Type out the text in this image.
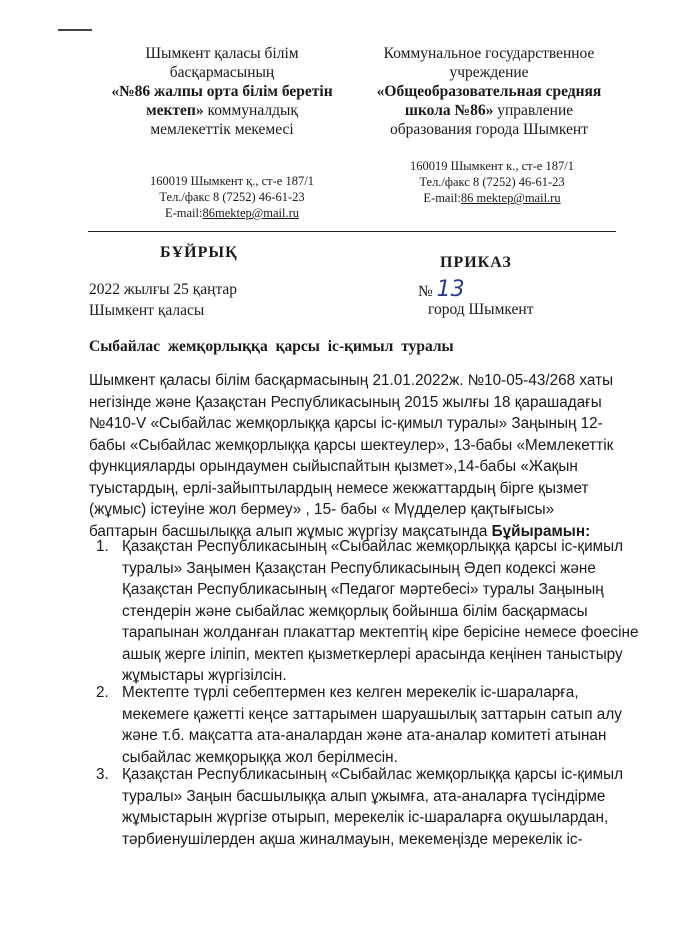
Шымкент қаласы білім
басқармасының
«№86 жалпы орта білім беретін
мектеп» коммуналдық
мемлекеттік мекемесі
Коммунальное государственное
учреждение
«Общеобразовательная средняя
школа №86» управление
образования города Шымкент
160019 Шымкент қ., ст-е 187/1
Тел./факс 8 (7252) 46-61-23
E-mail:86mektep@mail.ru
160019 Шымкент к., ст-е 187/1
Тел./факс 8 (7252) 46-61-23
E-mail:86 mektep@mail.ru
БҰЙРЫҚ
ПРИКАЗ
2022 жылғы 25 қаңтар
Шымкент қаласы
№ 13
город Шымкент
Сыбайлас жемқорлыққа қарсы іс-қимыл туралы
Шымкент қаласы білім басқармасының 21.01.2022ж. №10-05-43/268 хаты негізінде және Қазақстан Республикасының 2015 жылғы 18 қарашадағы №410-V «Сыбайлас жемқорлыққа қарсы іс-қимыл туралы» Заңының 12-бабы «Сыбайлас жемқорлыққа қарсы шектеулер», 13-бабы «Мемлекеттік функцияларды орындаумен сыйыспайтын қызмет»,14-бабы «Жақын туыстардың, ерлі-зайыптылардың немесе жекжаттардың бірге қызмет (жұмыс) істеуіне жол бермеу» , 15- бабы « Мүдделер қақтығысы» баптарын басшылыққа алып жұмыс жүргізу мақсатында Бұйырамын:
1. Қазақстан Республикасының «Сыбайлас жемқорлыққа қарсы іс-қимыл туралы» Заңымен Қазақстан Республикасының Әдеп кодексі және Қазақстан Республикасының «Педагог мәртебесі» туралы Заңының стендерін және сыбайлас жемқорлық бойынша білім басқармасы тарапынан жолданған плакаттар мектептің кіре берісіне немесе фоесіне ашық жерге іліпіп, мектеп қызметкерлері арасында кеңінен таныстыру жұмыстары жүргізілсін.
2. Мектепте түрлі себептермен кез келген мерекелік іс-шараларға, мекемеге қажетті кеңсе заттарымен шаруашылық заттарын сатып алу және т.б. мақсатта ата-аналардан және ата-аналар комитеті атынан сыбайлас жемқорыққа жол берілмесін.
3. Қазақстан Республикасының «Сыбайлас жемқорлыққа қарсы іс-қимыл туралы» Заңын басшылыққа алып ұжымға, ата-аналарға түсіндірме жұмыстарын жүргізе отырып, мерекелік іс-шараларға оқушылардан, тәрбиенушілерден ақша жиналмауын, мекемеңізде мерекелік іс-
